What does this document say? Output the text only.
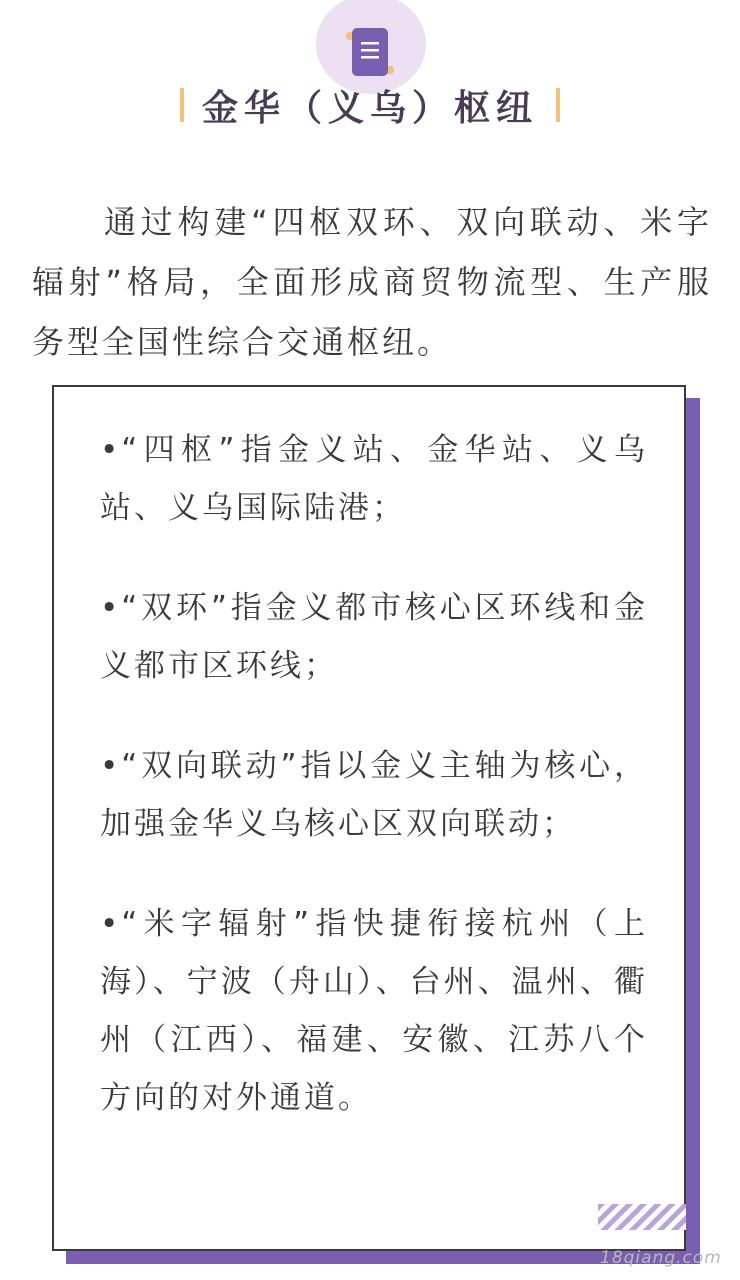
金华（义乌）枢纽

通过构建“四枢双环、双向联动、米字辐射”格局，全面形成商贸物流型、生产服务型全国性综合交通枢纽。

•“四枢”指金义站、金华站、义乌站、义乌国际陆港；

•“双环”指金义都市核心区环线和金义都市区环线；

•“双向联动”指以金义主轴为核心，加强金华义乌核心区双向联动；

•“米字辐射”指快捷衔接杭州（上海）、宁波（舟山）、台州、温州、衢州（江西）、福建、安徽、江苏八个方向的对外通道。

18qiang.com
